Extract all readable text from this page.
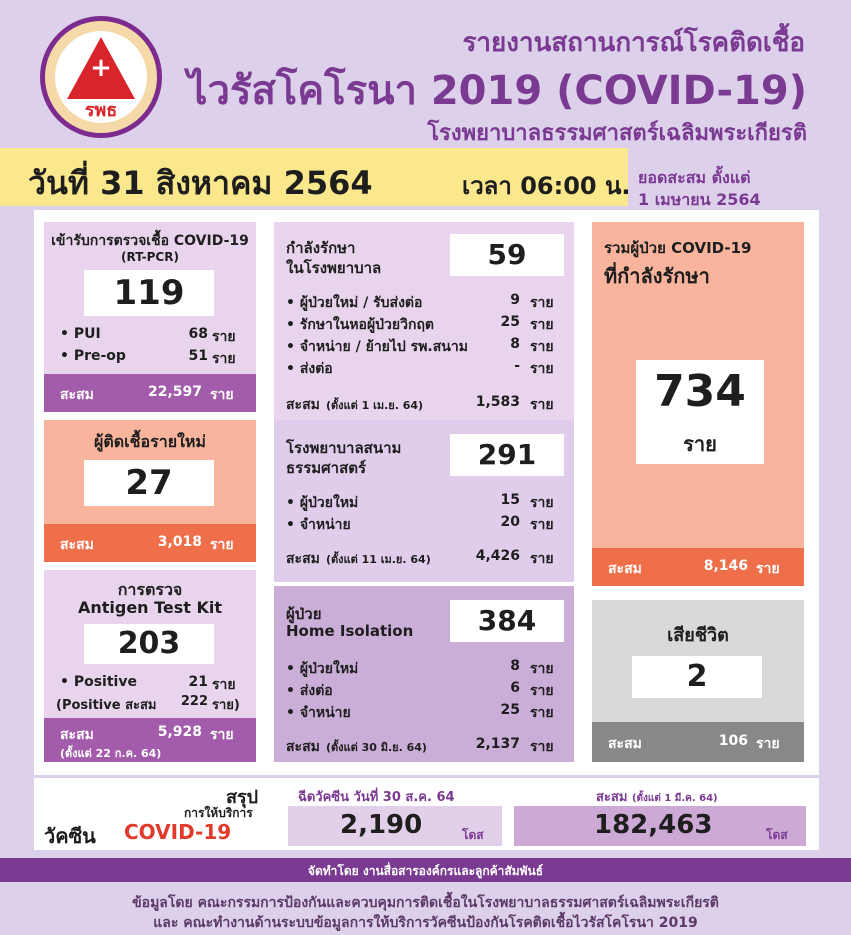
+
รพธ
รายงานสถานการณ์โรคติดเชื้อ
ไวรัสโคโรนา 2019 (COVID-19)
โรงพยาบาลธรรมศาสตร์เฉลิมพระเกียรติ
วันที่ 31 สิงหาคม 2564	เวลา 06:00 น. ยอดสะสม ตั้งแต่
1 เมษายน 2564
เข้ารับการตรวจเชื้อ COVID-19
(RT-PCR)
119
• PUI	68 ราย
• Pre-op	51 ราย
สะสม	22,597 ราย
ผู้ติดเชื้อรายใหม่
27
สะสม	3,018 ราย
การตรวจ
Antigen Test Kit
203
• Positive	21 ราย
(Positive สะสม	222 ราย)
สะสม	5,928 ราย
(ตั้งแต่ 22 ก.ค. 64)
กำลังรักษา
ในโรงพยาบาล	59
• ผู้ป่วยใหม่ / รับส่งต่อ	9 ราย
• รักษาในหอผู้ป่วยวิกฤต	25 ราย
• จำหน่าย / ย้ายไป รพ.สนาม	8 ราย
• ส่งต่อ	- ราย
สะสม (ตั้งแต่ 1 เม.ย. 64)	1,583 ราย
โรงพยาบาลสนาม
ธรรมศาสตร์	291
• ผู้ป่วยใหม่	15 ราย
• จำหน่าย	20 ราย
สะสม (ตั้งแต่ 11 เม.ย. 64)	4,426 ราย
ผู้ป่วย
Home Isolation	384
• ผู้ป่วยใหม่	8 ราย
• ส่งต่อ	6 ราย
• จำหน่าย	25 ราย
สะสม (ตั้งแต่ 30 มิ.ย. 64)	2,137 ราย
รวมผู้ป่วย COVID-19
ที่กำลังรักษา
734
ราย
สะสม	8,146 ราย
เสียชีวิต
2
สะสม	106 ราย
สรุป
การให้บริการ
วัคซีน COVID-19
ฉีดวัคซีน วันที่ 30 ส.ค. 64
2,190	โดส
สะสม (ตั้งแต่ 1 มี.ค. 64)
182,463	โดส
จัดทำโดย งานสื่อสารองค์กรและลูกค้าสัมพันธ์
ข้อมูลโดย คณะกรรมการป้องกันและควบคุมการติดเชื้อในโรงพยาบาลธรรมศาสตร์เฉลิมพระเกียรติ
และ คณะทำงานด้านระบบข้อมูลการให้บริการวัคซีนป้องกันโรคติดเชื้อไวรัสโคโรนา 2019
